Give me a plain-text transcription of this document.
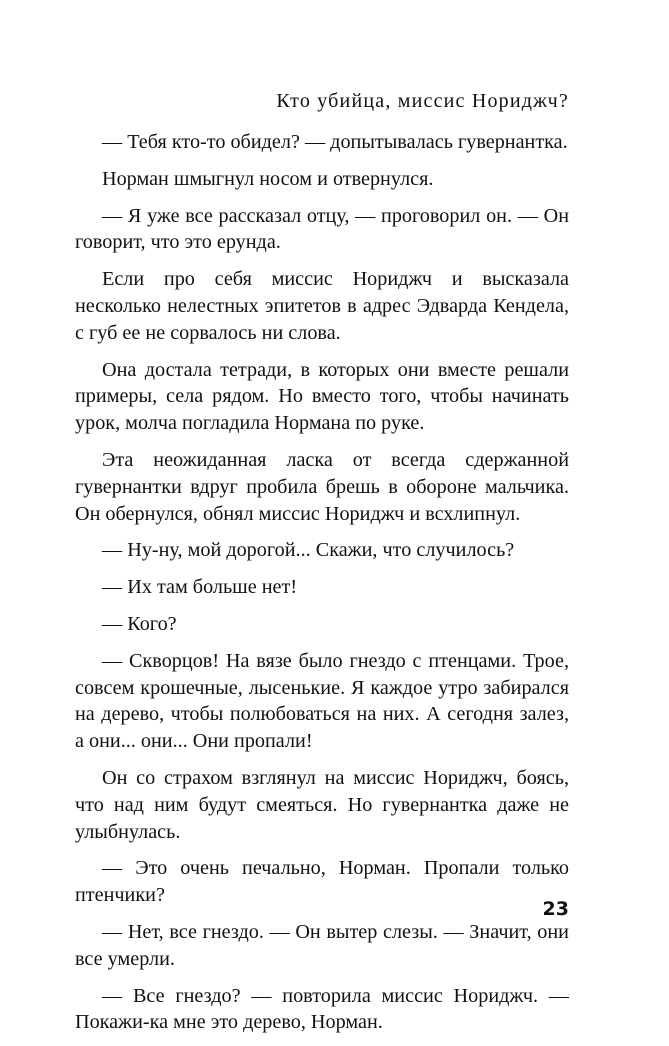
Кто убийца, миссис Нориджч?

— Тебя кто-то обидел? — допытывалась гувернантка.

Норман шмыгнул носом и отвернулся.

— Я уже все рассказал отцу, — проговорил он. — Он говорит, что это ерунда.

Если про себя миссис Нориджч и высказала несколько нелестных эпитетов в адрес Эдварда Кендела, с губ ее не сорвалось ни слова.

Она достала тетради, в которых они вместе решали примеры, села рядом. Но вместо того, чтобы начинать урок, молча погладила Нормана по руке.

Эта неожиданная ласка от всегда сдержанной гувернантки вдруг пробила брешь в обороне мальчика. Он обернулся, обнял миссис Нориджч и всхлипнул.

— Ну-ну, мой дорогой... Скажи, что случилось?

— Их там больше нет!

— Кого?

— Скворцов! На вязе было гнездо с птенцами. Трое, совсем крошечные, лысенькие. Я каждое утро забирался на дерево, чтобы полюбоваться на них. А сегодня залез, а они... они... Они пропали!

Он со страхом взглянул на миссис Нориджч, боясь, что над ним будут смеяться. Но гувернантка даже не улыбнулась.

— Это очень печально, Норман. Пропали только птенчики?

— Нет, все гнездо. — Он вытер слезы. — Значит, они все умерли.

— Все гнездо? — повторила миссис Нориджч. — Покажи-ка мне это дерево, Норман.

23
